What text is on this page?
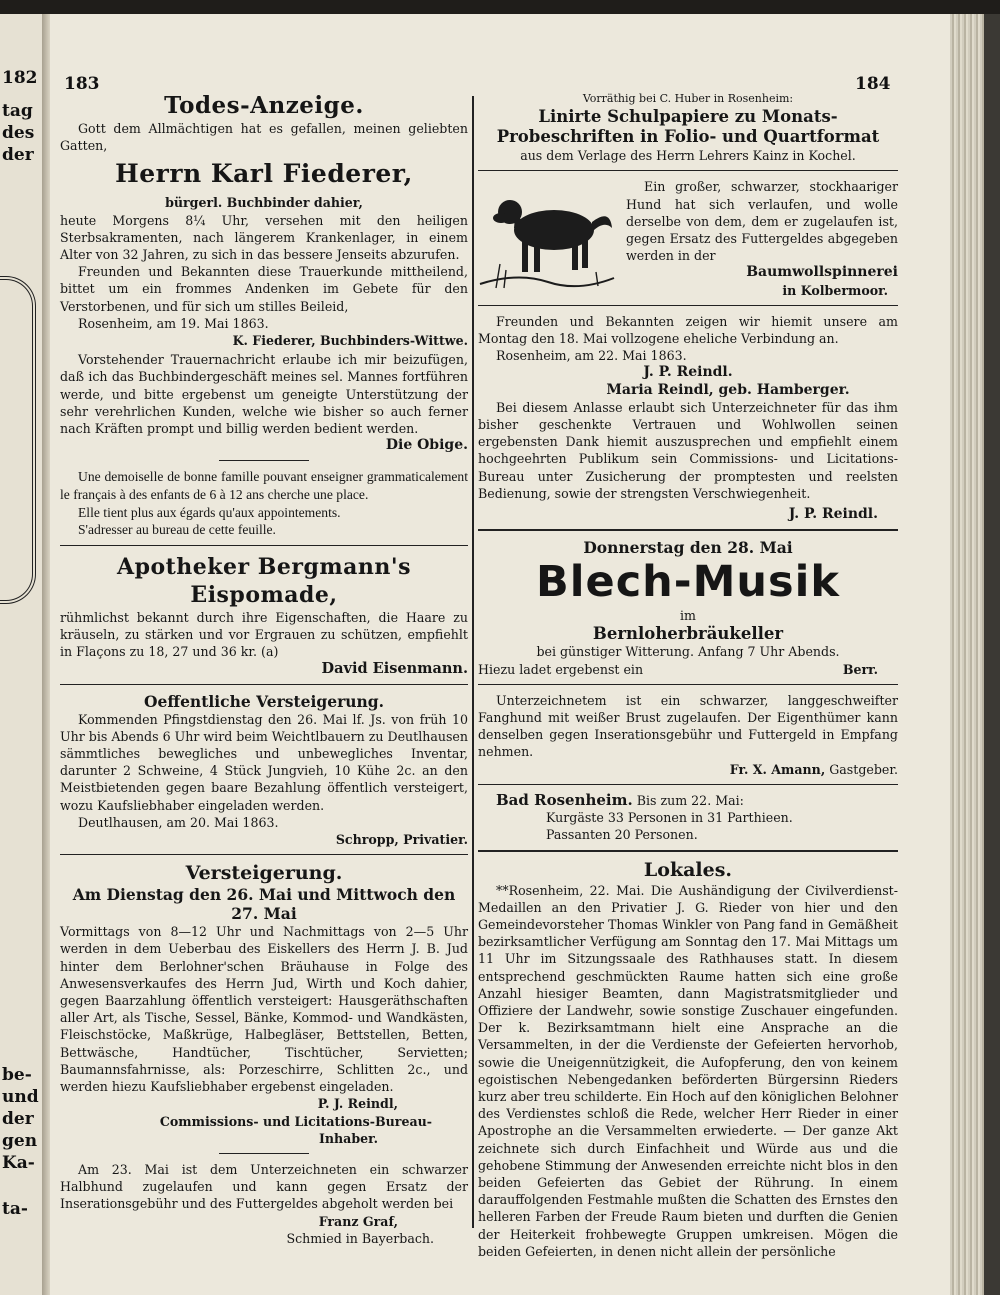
182
tag
des
der
be-
und
der
gen
Ka-
ta-
183	184

Todes-Anzeige.

Gott dem Allmächtigen hat es gefallen, meinen geliebten Gatten,

Herrn Karl Fiederer,

bürgerl. Buchbinder dahier,

heute Morgens 8¼ Uhr, versehen mit den heiligen Sterbsakramenten, nach längerem Krankenlager, in einem Alter von 32 Jahren, zu sich in das bessere Jenseits abzurufen.

Freunden und Bekannten diese Trauerkunde mittheilend, bittet um ein frommes Andenken im Gebete für den Verstorbenen, und für sich um stilles Beileid,

Rosenheim, am 19. Mai 1863.

K. Fiederer, Buchbinders-Wittwe.

Vorstehender Trauernachricht erlaube ich mir beizufügen, daß ich das Buchbindergeschäft meines sel. Mannes fortführen werde, und bitte ergebenst um geneigte Unterstützung der sehr verehrlichen Kunden, welche wie bisher so auch ferner nach Kräften prompt und billig werden bedient werden.

Die Obige.

Une demoiselle de bonne famille pouvant enseigner grammaticalement le français à des enfants de 6 à 12 ans cherche une place.

Elle tient plus aux égards qu'aux appointements.

S'adresser au bureau de cette feuille.

Apotheker Bergmann's Eispomade,

rühmlichst bekannt durch ihre Eigenschaften, die Haare zu kräuseln, zu stärken und vor Ergrauen zu schützen, empfiehlt in Flaçons zu 18, 27 und 36 kr. (a)

David Eisenmann.

Oeffentliche Versteigerung.

Kommenden Pfingstdienstag den 26. Mai lf. Js. von früh 10 Uhr bis Abends 6 Uhr wird beim Weichtlbauern zu Deutlhausen sämmtliches bewegliches und unbewegliches Inventar, darunter 2 Schweine, 4 Stück Jungvieh, 10 Kühe 2c. an den Meistbietenden gegen baare Bezahlung öffentlich versteigert, wozu Kaufsliebhaber eingeladen werden.

Deutlhausen, am 20. Mai 1863.

Schropp, Privatier.

Versteigerung.

Am Dienstag den 26. Mai und Mittwoch den 27. Mai

Vormittags von 8—12 Uhr und Nachmittags von 2—5 Uhr werden in dem Ueberbau des Eiskellers des Herrn J. B. Jud hinter dem Berlohner'schen Bräuhause in Folge des Anwesensverkaufes des Herrn Jud, Wirth und Koch dahier, gegen Baarzahlung öffentlich versteigert: Hausgeräthschaften aller Art, als Tische, Sessel, Bänke, Kommod- und Wandkästen, Fleischstöcke, Maßkrüge, Halbegläser, Bettstellen, Betten, Bettwäsche, Handtücher, Tischtücher, Servietten; Baumannsfahrnisse, als: Porzeschirre, Schlitten 2c., und werden hiezu Kaufsliebhaber ergebenst eingeladen.

P. J. Reindl,

Commissions- und Licitations-Bureau-

Inhaber.

Am 23. Mai ist dem Unterzeichneten ein schwarzer Halbhund zugelaufen und kann gegen Ersatz der Inserationsgebühr und des Futtergeldes abgeholt werden bei

Franz Graf,

Schmied in Bayerbach.

Vorräthig bei C. Huber in Rosenheim:

Linirte Schulpapiere zu Monats-Probeschriften in Folio- und Quartformat

aus dem Verlage des Herrn Lehrers Kainz in Kochel.

Ein großer, schwarzer, stockhaariger Hund hat sich verlaufen, und wolle derselbe von dem, dem er zugelaufen ist, gegen Ersatz des Futtergeldes abgegeben werden in der

Baumwollspinnerei

in Kolbermoor.

Freunden und Bekannten zeigen wir hiemit unsere am Montag den 18. Mai vollzogene eheliche Verbindung an.

Rosenheim, am 22. Mai 1863.

J. P. Reindl.

Maria Reindl, geb. Hamberger.

Bei diesem Anlasse erlaubt sich Unterzeichneter für das ihm bisher geschenkte Vertrauen und Wohlwollen seinen ergebensten Dank hiemit auszusprechen und empfiehlt einem hochgeehrten Publikum sein Commissions- und Licitations-Bureau unter Zusicherung der promptesten und reelsten Bedienung, sowie der strengsten Verschwiegenheit.

J. P. Reindl.

Donnerstag den 28. Mai

Blech-Musik

im

Bernloherbräukeller

bei günstiger Witterung. Anfang 7 Uhr Abends.

Hiezu ladet ergebenst ein	Berr.

Unterzeichnetem ist ein schwarzer, langgeschweifter Fanghund mit weißer Brust zugelaufen. Der Eigenthümer kann denselben gegen Inserationsgebühr und Futtergeld in Empfang nehmen.

Fr. X. Amann, Gastgeber.

Bad Rosenheim. Bis zum 22. Mai:

Kurgäste 33 Personen in 31 Parthieen.

Passanten 20 Personen.

Lokales.

**Rosenheim, 22. Mai. Die Aushändigung der Civilverdienst-Medaillen an den Privatier J. G. Rieder von hier und den Gemeindevorsteher Thomas Winkler von Pang fand in Gemäßheit bezirksamtlicher Verfügung am Sonntag den 17. Mai Mittags um 11 Uhr im Sitzungssaale des Rathhauses statt. In diesem entsprechend geschmückten Raume hatten sich eine große Anzahl hiesiger Beamten, dann Magistratsmitglieder und Offiziere der Landwehr, sowie sonstige Zuschauer eingefunden. Der k. Bezirksamtmann hielt eine Ansprache an die Versammelten, in der die Verdienste der Gefeierten hervorhob, sowie die Uneigennützigkeit, die Aufopferung, den von keinem egoistischen Nebengedanken beförderten Bürgersinn Rieders kurz aber treu schilderte. Ein Hoch auf den königlichen Belohner des Verdienstes schloß die Rede, welcher Herr Rieder in einer Apostrophe an die Versammelten erwiederte. — Der ganze Akt zeichnete sich durch Einfachheit und Würde aus und die gehobene Stimmung der Anwesenden erreichte nicht blos in den beiden Gefeierten das Gebiet der Rührung. In einem darauffolgenden Festmahle mußten die Schatten des Ernstes den helleren Farben der Freude Raum bieten und durften die Genien der Heiterkeit frohbewegte Gruppen umkreisen. Mögen die beiden Gefeierten, in denen nicht allein der persönliche
